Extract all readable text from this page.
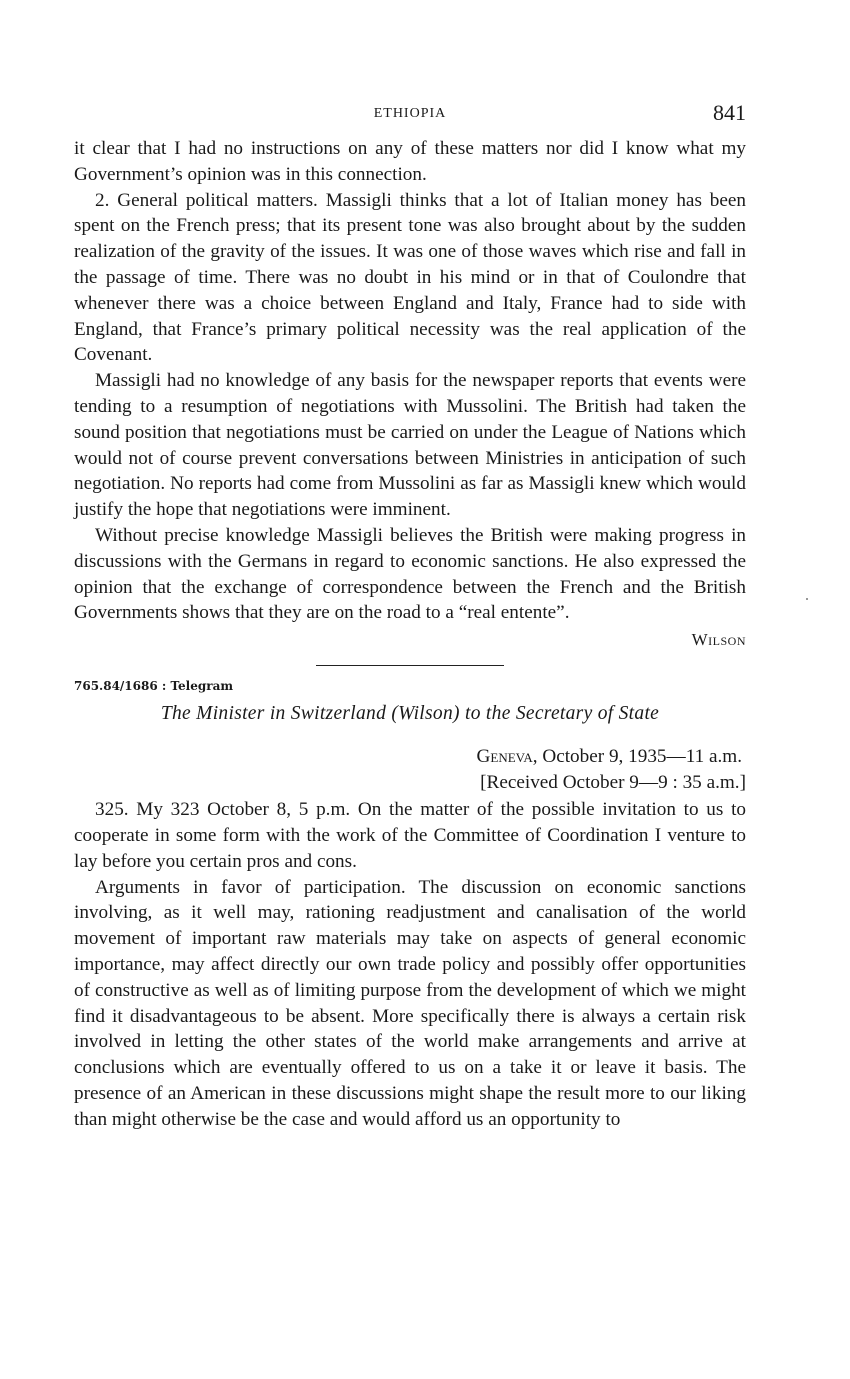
ETHIOPIA	841

it clear that I had no instructions on any of these matters nor did I know what my Government’s opinion was in this connection.

2. General political matters. Massigli thinks that a lot of Italian money has been spent on the French press; that its present tone was also brought about by the sudden realization of the gravity of the issues. It was one of those waves which rise and fall in the passage of time. There was no doubt in his mind or in that of Coulondre that whenever there was a choice between England and Italy, France had to side with England, that France’s primary political necessity was the real application of the Covenant.

Massigli had no knowledge of any basis for the newspaper reports that events were tending to a resumption of negotiations with Mussolini. The British had taken the sound position that negotiations must be carried on under the League of Nations which would not of course prevent conversations between Ministries in anticipation of such negotiation. No reports had come from Mussolini as far as Massigli knew which would justify the hope that negotiations were imminent.

Without precise knowledge Massigli believes the British were making progress in discussions with the Germans in regard to economic sanctions. He also expressed the opinion that the exchange of correspondence between the French and the British Governments shows that they are on the road to a “real entente”.

Wilson
765.84/1686 : Telegram
The Minister in Switzerland (Wilson) to the Secretary of State
Geneva, October 9, 1935—11 a.m.
[Received October 9—9 : 35 a.m.]

325. My 323 October 8, 5 p.m. On the matter of the possible invitation to us to cooperate in some form with the work of the Committee of Coordination I venture to lay before you certain pros and cons.

Arguments in favor of participation. The discussion on economic sanctions involving, as it well may, rationing readjustment and canalisation of the world movement of important raw materials may take on aspects of general economic importance, may affect directly our own trade policy and possibly offer opportunities of constructive as well as of limiting purpose from the development of which we might find it disadvantageous to be absent. More specifically there is always a certain risk involved in letting the other states of the world make arrangements and arrive at conclusions which are eventually offered to us on a take it or leave it basis. The presence of an American in these discussions might shape the result more to our liking than might otherwise be the case and would afford us an opportunity to
